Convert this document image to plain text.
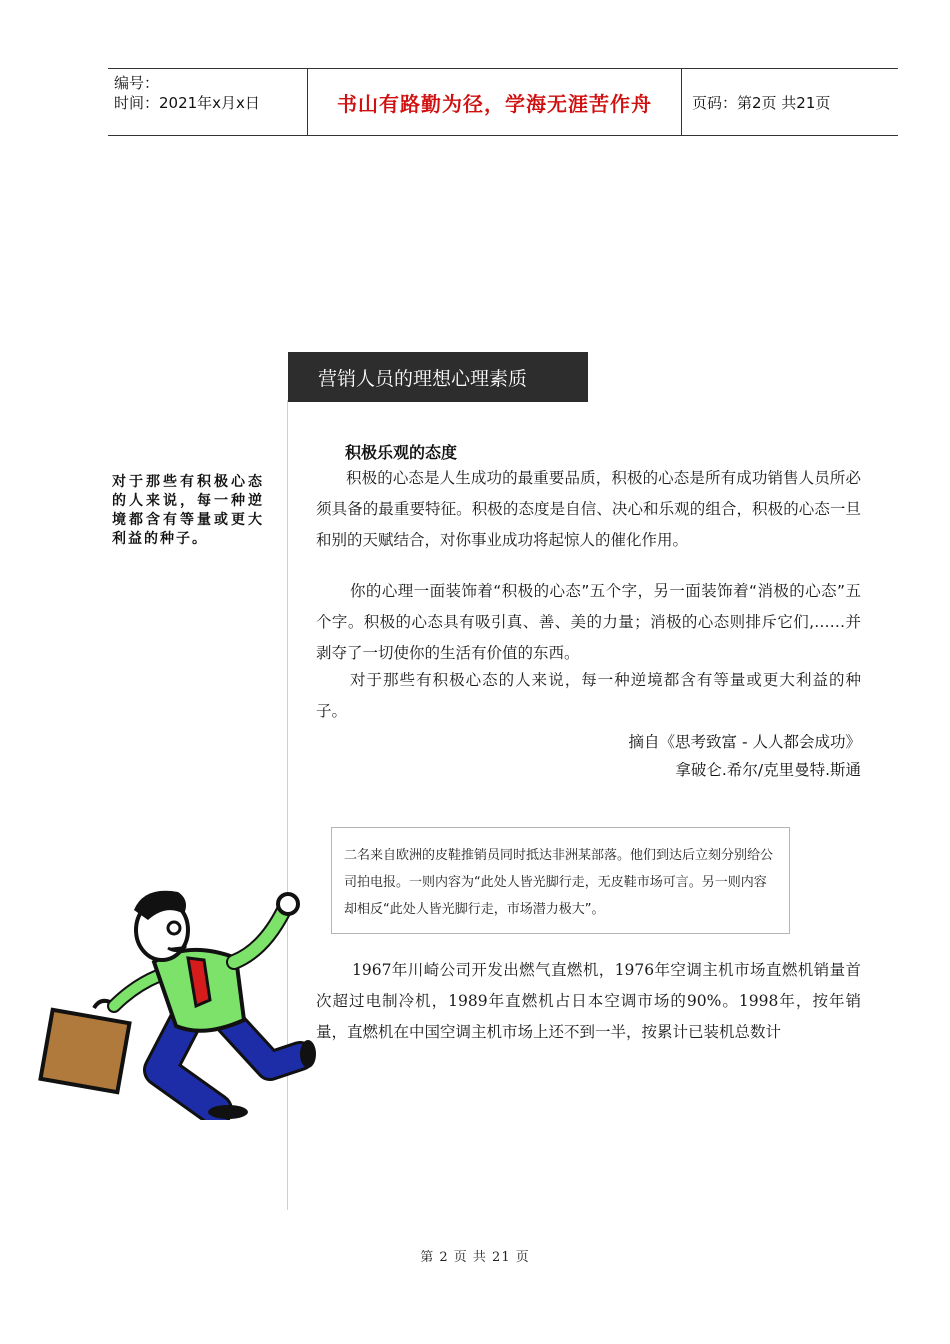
编号：
时间：2021年x月x日	书山有路勤为径，学海无涯苦作舟	页码：第2页 共21页
营销人员的理想心理素质
对于那些有积极心态的人来说，每一种逆境都含有等量或更大利益的种子。
积极乐观的态度
积极的心态是人生成功的最重要品质，积极的心态是所有成功销售人员所必须具备的最重要特征。积极的态度是自信、决心和乐观的组合，积极的心态一旦和别的天赋结合，对你事业成功将起惊人的催化作用。
你的心理一面装饰着“积极的心态”五个字，另一面装饰着“消极的心态”五个字。积极的心态具有吸引真、善、美的力量；消极的心态则排斥它们,……并剥夺了一切使你的生活有价值的东西。
对于那些有积极心态的人来说，每一种逆境都含有等量或更大利益的种子。
摘自《思考致富 - 人人都会成功》
拿破仑.希尔/克里曼特.斯通
二名来自欧洲的皮鞋推销员同时抵达非洲某部落。他们到达后立刻分别给公司拍电报。一则内容为“此处人皆光脚行走，无皮鞋市场可言。另一则内容却相反“此处人皆光脚行走，市场潜力极大”。
1967年川崎公司开发出燃气直燃机，1976年空调主机市场直燃机销量首次超过电制冷机，1989年直燃机占日本空调市场的90%。1998年，按年销量，直燃机在中国空调主机市场上还不到一半，按累计已装机总数计
第 2 页 共 21 页
